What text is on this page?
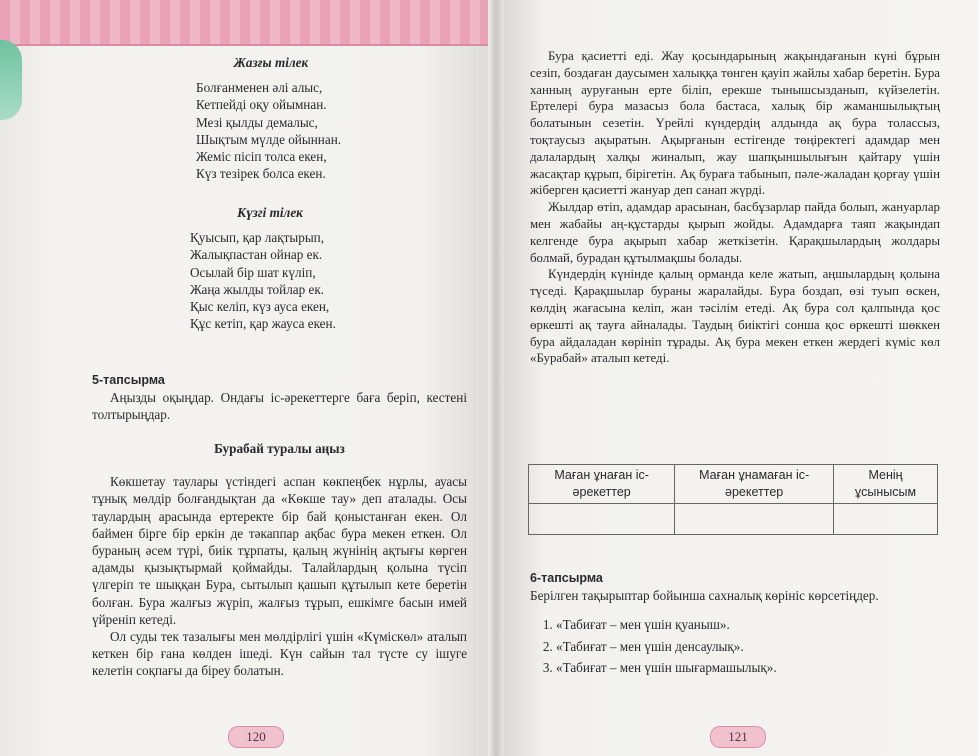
Жазғы тілек
Болғанменен әлі алыс,
Кетпейді оқу ойымнан.
Мезі қылды демалыс,
Шықтым мүлде ойыннан.
Жеміс пісіп толса екен,
Күз тезірек болса екен.
Күзгі тілек
Қуысып, қар лақтырып,
Жалықпастан ойнар ек.
Осылай бір шат күліп,
Жаңа жылды тойлар ек.
Қыс келіп, күз ауса екен,
Құс кетіп, қар жауса екен.
5-тапсырма
Аңызды оқыңдар. Ондағы іс-әрекеттерге баға беріп, кестені толтырыңдар.
Бурабай туралы аңыз
Көкшетау таулары үстіндегі аспан көкпеңбек нұрлы, ауасы тұнық мөлдір болғандықтан да «Көкше тау» деп аталады. Осы таулардың арасында ертеректе бір бай қоныстанған екен. Ол баймен бірге бір еркін де тәкаппар ақбас бура мекен еткен. Ол бураның әсем түрі, биік тұрпаты, қалың жүнінің ақтығы көрген адамды қызықтырмай қоймайды. Талайлардың қолына түсіп үлгеріп те шыққан Бура, сытылып қашып құтылып кете беретін болған. Бура жалғыз жүріп, жалғыз тұрып, ешкімге басын имей үйреніп кетеді.
Ол суды тек тазалығы мен мөлдірлігі үшін «Күмiскөл» аталып кеткен бір ғана көлден ішеді. Күн сайын тал түсте су ішуге келетін соқпағы да біреу болатын.
120
Бура қасиетті еді. Жау қосындарының жақындағанын күні бұрын сезіп, боздаған даусымен халыққа төнген қауіп жайлы хабар беретін. Бура ханның ауруғанын ерте біліп, ерекше тынышсызданып, күйзелетін. Ертелері бура мазасыз бола бастаса, халық бір жаманшылықтың болатынын сезетін. Үрейлі күндердің алдында ақ бура толассыз, тоқтаусыз ақыратын. Ақырғанын естігенде төңіректегі адамдар мен далалардың халқы жиналып, жау шапқыншылығын қайтару үшін жасақтар құрып, бірігетін. Ақ бураға табынып, пәле-жаладан қорғау үшін жіберген қасиетті жануар деп санап жүрді.
Жылдар өтіп, адамдар арасынан, басбұзарлар пайда болып, жануарлар мен жабайы аң-құстарды қырып жойды. Адамдарға таяп жақындап келгенде бура ақырып хабар жеткізетін. Қарақшылардың жолдары болмай, бурадан құтылмақшы болады.
Күндердің күнінде қалың орманда келе жатып, аңшылардың қолына түседі. Қарақшылар бураны жаралайды. Бура боздап, өзі туып өскен, көлдің жағасына келіп, жан тәсілім етеді. Ақ бура сол қалпында қос өркешті ақ тауға айналады. Таудың биіктігі сонша қос өркешті шөккен бура айдаладан көрініп тұрады. Ақ бура мекен еткен жердегі күміс көл «Бурабай» аталып кетеді.
Маған ұнаған іс-әрекеттер	Маған ұнамаған іс-әрекеттер	Менің ұсынысым

6-тапсырма
Берілген тақырыптар бойынша сахналық көрініс көрсетіңдер.
1. «Табиғат – мен үшін қуаныш».
2. «Табиғат – мен үшін денсаулық».
3. «Табиғат – мен үшін шығармашылық».
121
